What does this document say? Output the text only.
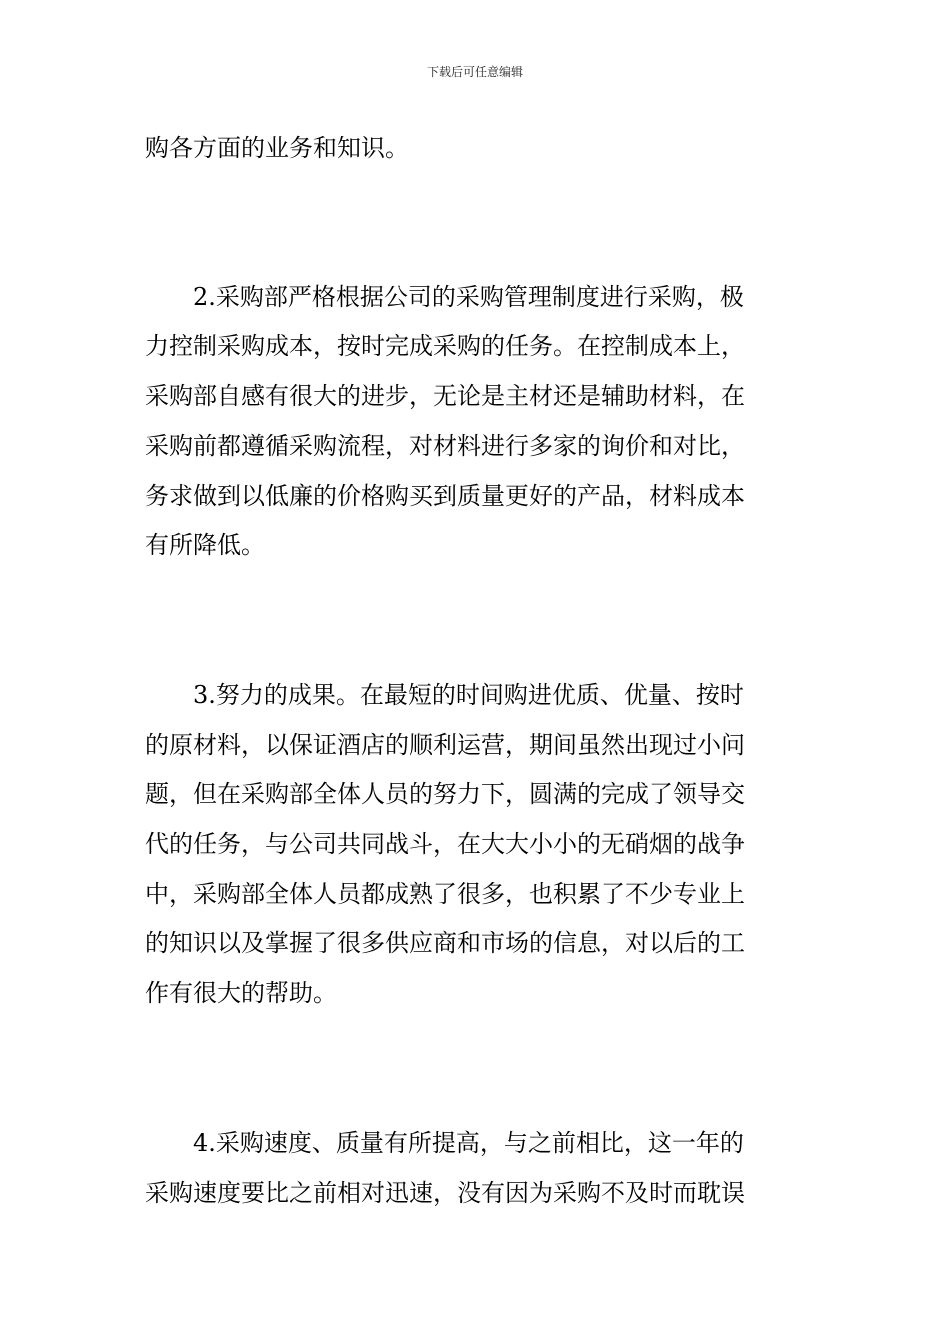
下载后可任意编辑

购各方面的业务和知识。

2.采购部严格根据公司的采购管理制度进行采购，极
力控制采购成本，按时完成采购的任务。在控制成本上，
采购部自感有很大的进步，无论是主材还是辅助材料，在
采购前都遵循采购流程，对材料进行多家的询价和对比，
务求做到以低廉的价格购买到质量更好的产品，材料成本
有所降低。

3.努力的成果。在最短的时间购进优质、优量、按时
的原材料，以保证酒店的顺利运营，期间虽然出现过小问
题，但在采购部全体人员的努力下，圆满的完成了领导交
代的任务，与公司共同战斗，在大大小小的无硝烟的战争
中，采购部全体人员都成熟了很多，也积累了不少专业上
的知识以及掌握了很多供应商和市场的信息，对以后的工
作有很大的帮助。

4.采购速度、质量有所提高，与之前相比，这一年的
采购速度要比之前相对迅速，没有因为采购不及时而耽误
